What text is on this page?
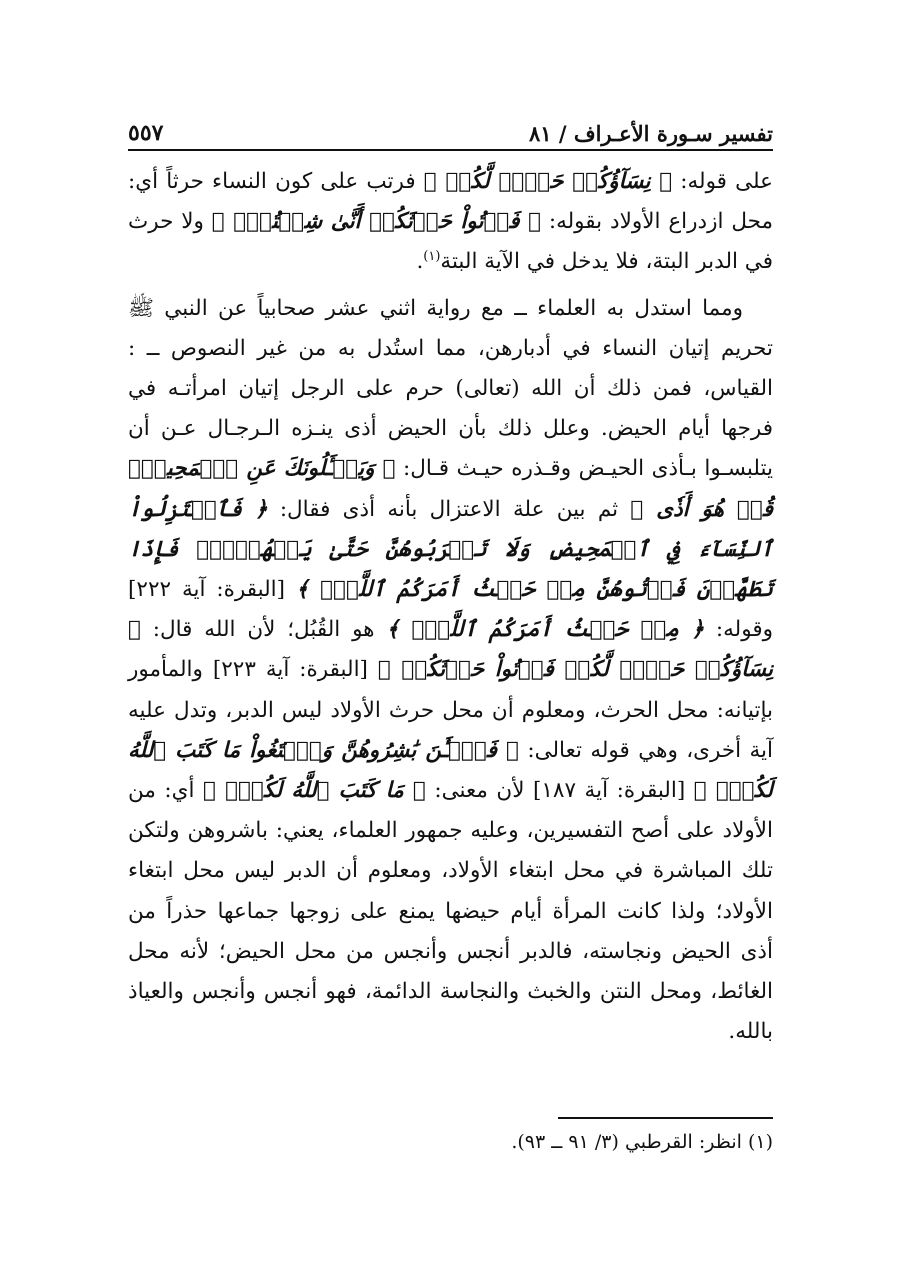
تفسير سـورة الأعـراف / ٨١
٥٥٧

على قوله: ﴿ نِسَآؤُكُمۡ حَرۡثٞ لَّكُمۡ ﴾ فرتب على كون النساء حرثاً أي: محل ازدراع الأولاد بقوله: ﴿ فَأۡتُواْ حَرۡثَكُمۡ أَنَّىٰ شِئۡتُمۡۖ ﴾ ولا حرث في الدبر البتة، فلا يدخل في الآية البتة$^{(١)}$.

ومما استدل به العلماء ــ مع رواية اثني عشر صحابياً عن النبي ﷺ تحريم إتيان النساء في أدبارهن، مما استُدل به من غير النصوص ــ : القياس، فمن ذلك أن الله (تعالى) حرم على الرجل إتيان امرأتـه في فرجها أيام الحيض. وعلل ذلك بأن الحيض أذى ينـزه الـرجـال عـن أن يتلبسـوا بـأذى الحيـض وقـذره حيـث قـال: ﴿ وَيَسۡـَٔلُونَكَ عَنِ ٱلۡمَحِيضِۖ قُلۡ هُوَ أَذٗى ﴾ ثم بين علة الاعتزال بأنه أذى فقال: ﴿ فَٱعۡتَزِلُواْ ٱلنِّسَآءَ فِي ٱلۡمَحِيضِ وَلَا تَقۡرَبُوهُنَّ حَتَّىٰ يَطۡهُرۡنَۖ فَإِذَا تَطَهَّرۡنَ فَأۡتُوهُنَّ مِنۡ حَيۡثُ أَمَرَكُمُ ٱللَّهُۚ ﴾ [البقرة: آية ٢٢٢] وقوله: ﴿ مِنۡ حَيۡثُ أَمَرَكُمُ ٱللَّهُۚ ﴾ هو القُبُل؛ لأن الله قال: ﴿ نِسَآؤُكُمۡ حَرۡثٞ لَّكُمۡ فَأۡتُواْ حَرۡثَكُمۡ ﴾ [البقرة: آية ٢٢٣] والمأمور بإتيانه: محل الحرث، ومعلوم أن محل حرث الأولاد ليس الدبر، وتدل عليه آية أخرى، وهي قوله تعالى: ﴿ فَٱلۡـَٰٔنَ بَٰشِرُوهُنَّ وَٱبۡتَغُواْ مَا كَتَبَ ٱللَّهُ لَكُمۡۚ ﴾ [البقرة: آية ١٨٧] لأن معنى: ﴿ مَا كَتَبَ ٱللَّهُ لَكُمۡۚ ﴾ أي: من الأولاد على أصح التفسيرين، وعليه جمهور العلماء، يعني: باشروهن ولتكن تلك المباشرة في محل ابتغاء الأولاد، ومعلوم أن الدبر ليس محل ابتغاء الأولاد؛ ولذا كانت المرأة أيام حيضها يمنع على زوجها جماعها حذراً من أذى الحيض ونجاسته، فالدبر أنجس وأنجس من محل الحيض؛ لأنه محل الغائط، ومحل النتن والخبث والنجاسة الدائمة، فهو أنجس وأنجس والعياذ بالله.

(١) انظر: القرطبي (٣/ ٩١ ــ ٩٣).
